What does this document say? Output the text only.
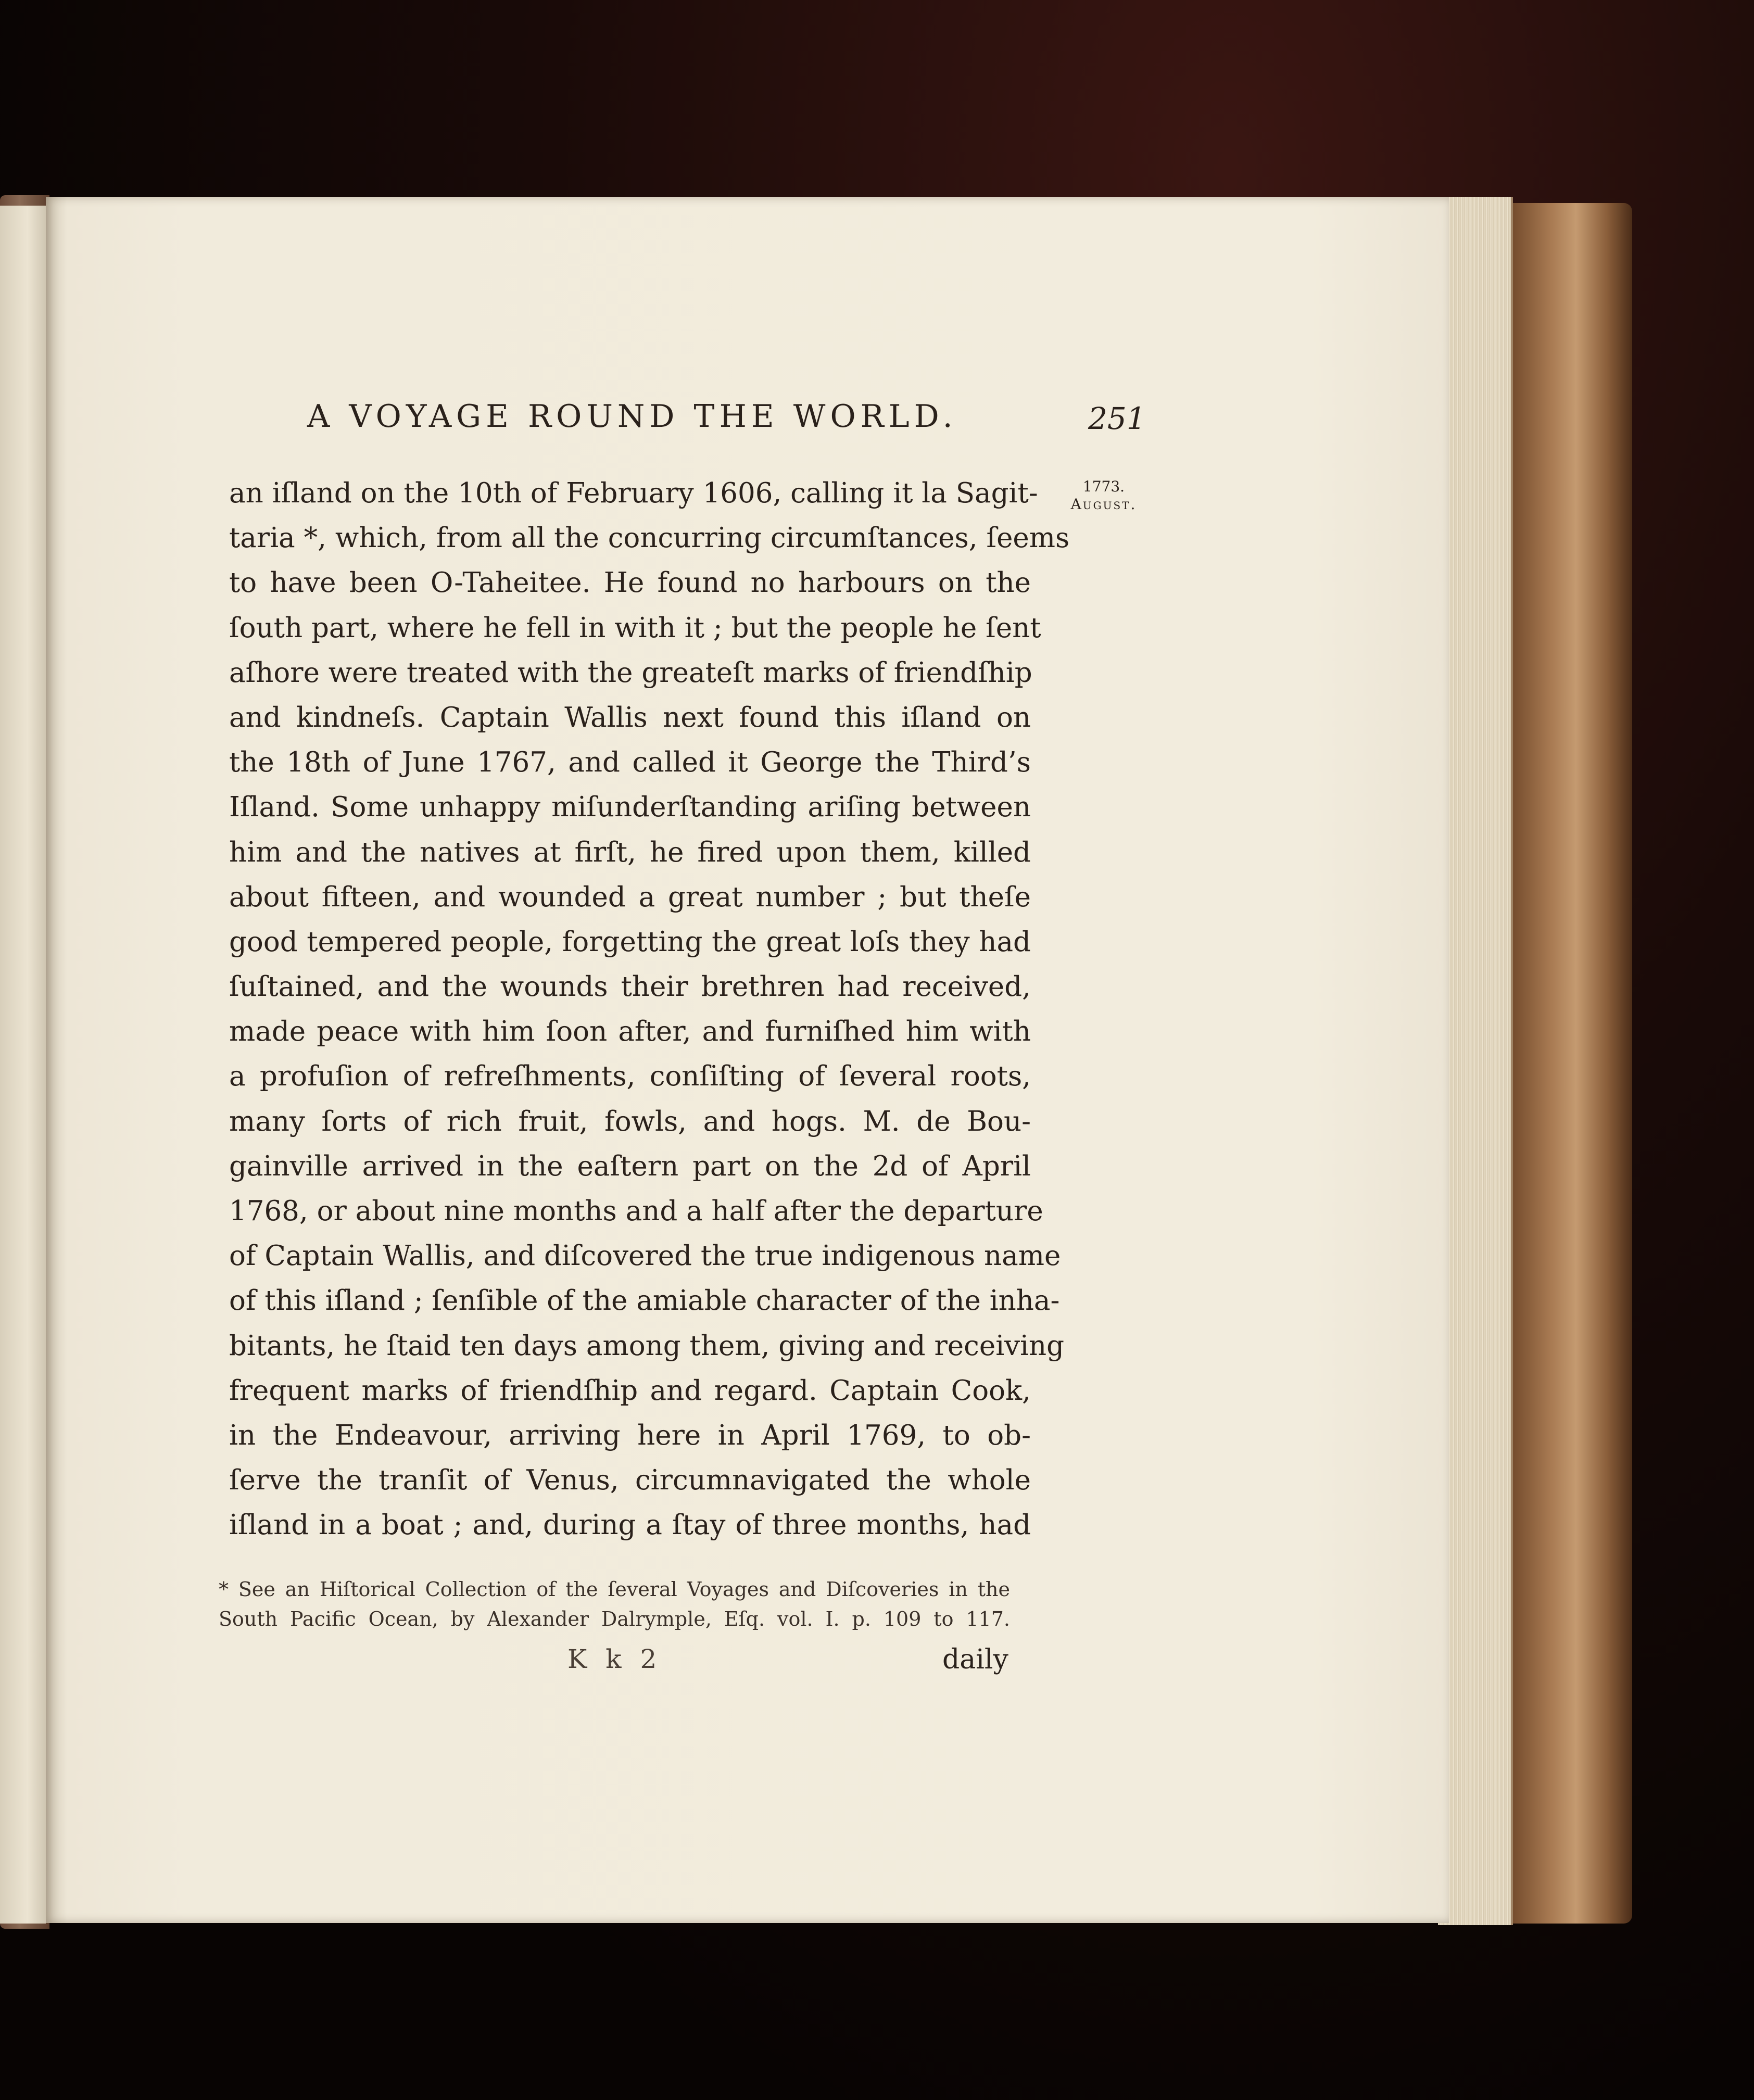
A VOYAGE ROUND THE WORLD.	251
1773.
August.
an iſland on the 10th of February 1606, calling it la Sagit-
taria *, which, from all the concurring circumſtances, ſeems
to have been O-Taheitee. He found no harbours on the
ſouth part, where he fell in with it ; but the people he ſent
aſhore were treated with the greateſt marks of friendſhip
and kindneſs. Captain Wallis next found this iſland on
the 18th of June 1767, and called it George the Third’s
Iſland. Some unhappy miſunderſtanding ariſing between
him and the natives at firſt, he fired upon them, killed
about fifteen, and wounded a great number ; but theſe
good tempered people, forgetting the great loſs they had
ſuſtained, and the wounds their brethren had received,
made peace with him ſoon after, and furniſhed him with
a profuſion of refreſhments, conſiſting of ſeveral roots,
many ſorts of rich fruit, fowls, and hogs. M. de Bou-
gainville arrived in the eaſtern part on the 2d of April
1768, or about nine months and a half after the departure
of Captain Wallis, and diſcovered the true indigenous name
of this iſland ; ſenſible of the amiable character of the inha-
bitants, he ſtaid ten days among them, giving and receiving
frequent marks of friendſhip and regard. Captain Cook,
in the Endeavour, arriving here in April 1769, to ob-
ſerve the tranſit of Venus, circumnavigated the whole
iſland in a boat ; and, during a ſtay of three months, had
* See an Hiſtorical Collection of the ſeveral Voyages and Diſcoveries in the
South Pacific Ocean, by Alexander Dalrymple, Eſq. vol. I. p. 109 to 117.
K k 2	daily
